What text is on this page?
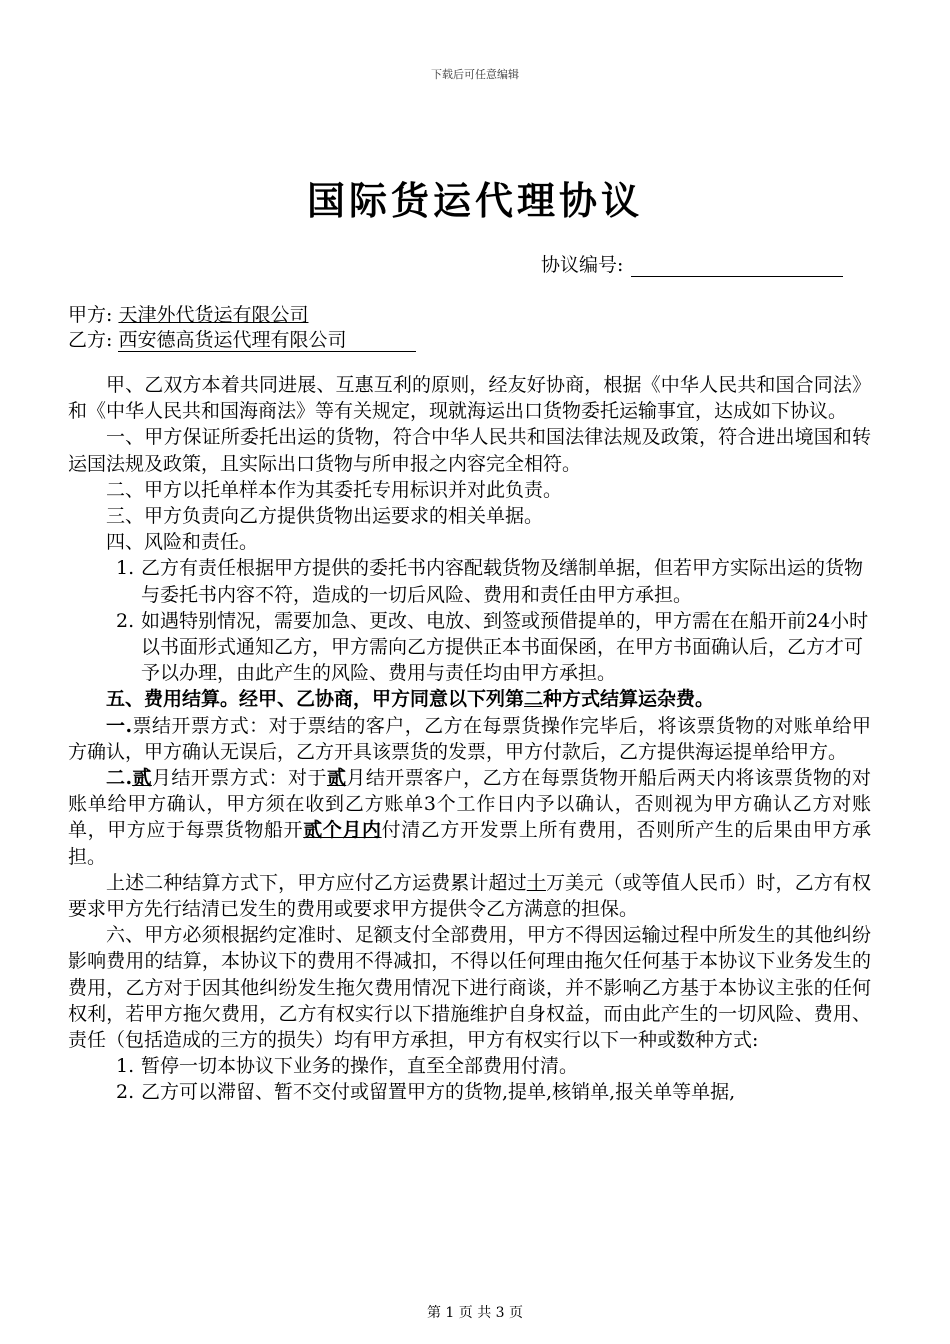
下载后可任意编辑
国际货运代理协议
协议编号:
甲方: 天津外代货运有限公司
乙方: 西安德高货运代理有限公司

甲、乙双方本着共同进展、互惠互利的原则，经友好协商，根据《中华人民共和国合同法》和《中华人民共和国海商法》等有关规定，现就海运出口货物委托运输事宜，达成如下协议。

一、甲方保证所委托出运的货物，符合中华人民共和国法律法规及政策，符合进出境国和转运国法规及政策，且实际出口货物与所申报之内容完全相符。

二、甲方以托单样本作为其委托专用标识并对此负责。

三、甲方负责向乙方提供货物出运要求的相关单据。

四、风险和责任。

1. 乙方有责任根据甲方提供的委托书内容配载货物及缮制单据，但若甲方实际出运的货物与委托书内容不符，造成的一切后风险、费用和责任由甲方承担。
2. 如遇特别情况，需要加急、更改、电放、到签或预借提单的，甲方需在在船开前24小时以书面形式通知乙方，甲方需向乙方提供正本书面保函，在甲方书面确认后，乙方才可予以办理，由此产生的风险、费用与责任均由甲方承担。

五、费用结算。经甲、乙协商，甲方同意以下列第二种方式结算运杂费。

一.票结开票方式：对于票结的客户，乙方在每票货操作完毕后，将该票货物的对账单给甲方确认，甲方确认无误后，乙方开具该票货的发票，甲方付款后，乙方提供海运提单给甲方。

二.贰月结开票方式：对于贰月结开票客户，乙方在每票货物开船后两天内将该票货物的对账单给甲方确认，甲方须在收到乙方账单3个工作日内予以确认，否则视为甲方确认乙方对账单，甲方应于每票货物船开贰个月内付清乙方开发票上所有费用，否则所产生的后果由甲方承担。

上述二种结算方式下，甲方应付乙方运费累计超过十万美元（或等值人民币）时，乙方有权要求甲方先行结清已发生的费用或要求甲方提供令乙方满意的担保。

六、甲方必须根据约定准时、足额支付全部费用，甲方不得因运输过程中所发生的其他纠纷影响费用的结算，本协议下的费用不得减扣，不得以任何理由拖欠任何基于本协议下业务发生的费用，乙方对于因其他纠纷发生拖欠费用情况下进行商谈，并不影响乙方基于本协议主张的任何权利，若甲方拖欠费用，乙方有权实行以下措施维护自身权益，而由此产生的一切风险、费用、责任（包括造成的三方的损失）均有甲方承担，甲方有权实行以下一种或数种方式:

1. 暂停一切本协议下业务的操作，直至全部费用付清。
2. 乙方可以滞留、暂不交付或留置甲方的货物,提单,核销单,报关单等单据,
第 1 页 共 3 页
